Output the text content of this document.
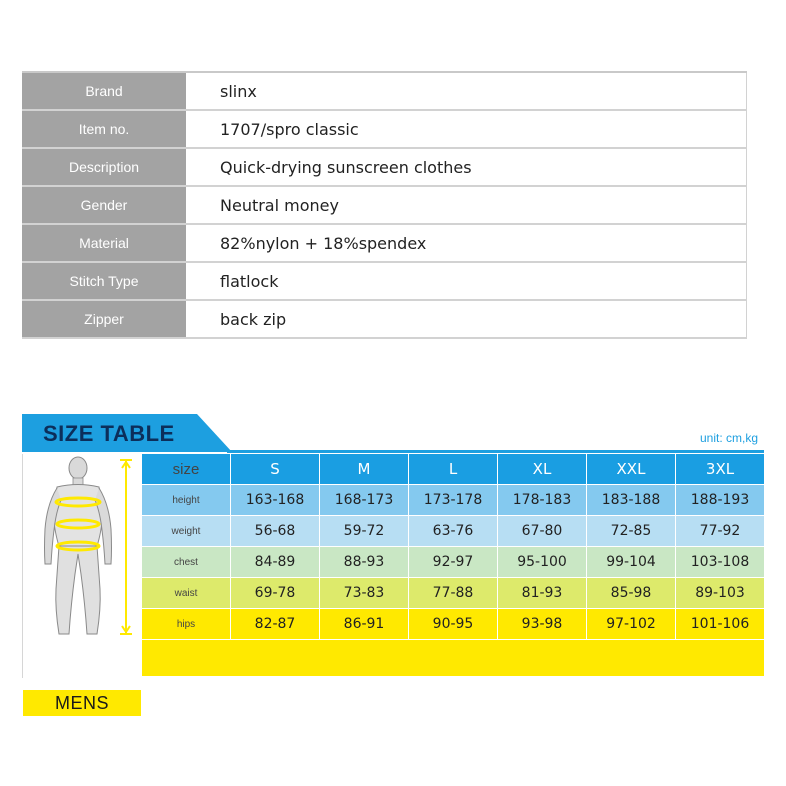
Brand	slinx
Item no.	1707/spro classic
Description	Quick-drying sunscreen clothes
Gender	Neutral money
Material	82%nylon + 18%spendex
Stitch Type	flatlock
Zipper	back zip
SIZE TABLE	unit: cm,kg
MENS
size	S	M	L	XL	XXL	3XL
height	163-168	168-173	173-178	178-183	183-188	188-193
weight	56-68	59-72	63-76	67-80	72-85	77-92
chest	84-89	88-93	92-97	95-100	99-104	103-108
waist	69-78	73-83	77-88	81-93	85-98	89-103
hips	82-87	86-91	90-95	93-98	97-102	101-106
